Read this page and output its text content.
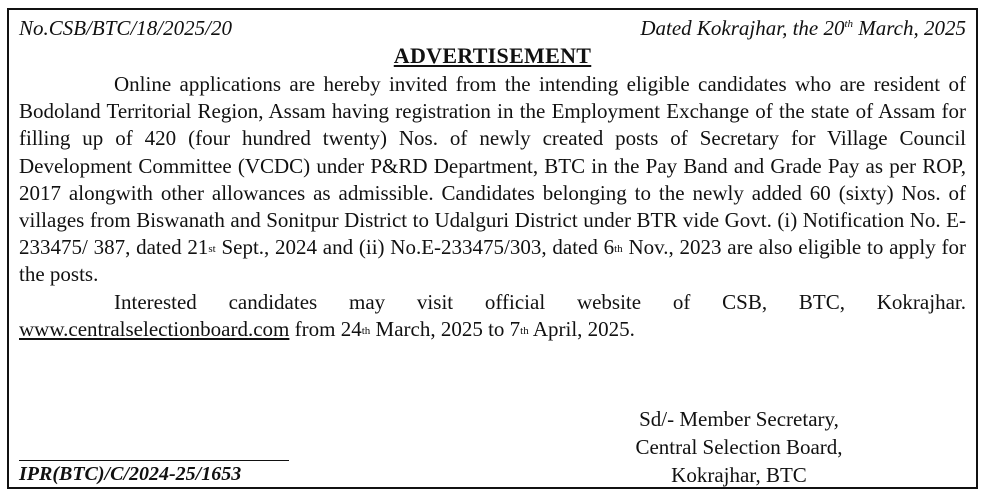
No.CSB/BTC/18/2025/20	Dated Kokrajhar, the 20th March, 2025
ADVERTISEMENT

Online applications are hereby invited from the intending eligible candidates who are resident of Bodoland Territorial Region, Assam having registration in the Employment Exchange of the state of Assam for filling up of 420 (four hundred twenty) Nos. of newly created posts of Secretary for Village Council Development Committee (VCDC) under P&RD Department, BTC in the Pay Band and Grade Pay as per ROP, 2017 alongwith other allowances as admissible. Candidates belonging to the newly added 60 (sixty) Nos. of villages from Biswanath and Sonitpur District to Udalguri District under BTR vide Govt. (i) Notification No. E-233475/ 387, dated 21st Sept., 2024 and (ii) No.E-233475/303, dated 6th Nov., 2023 are also eligible to apply for the posts.

Interested candidates may visit official website of CSB, BTC, Kokrajhar. www.centralselectionboard.com from 24th March, 2025 to 7th April, 2025.

Sd/- Member Secretary,
Central Selection Board,
Kokrajhar, BTC
IPR(BTC)/C/2024-25/1653
